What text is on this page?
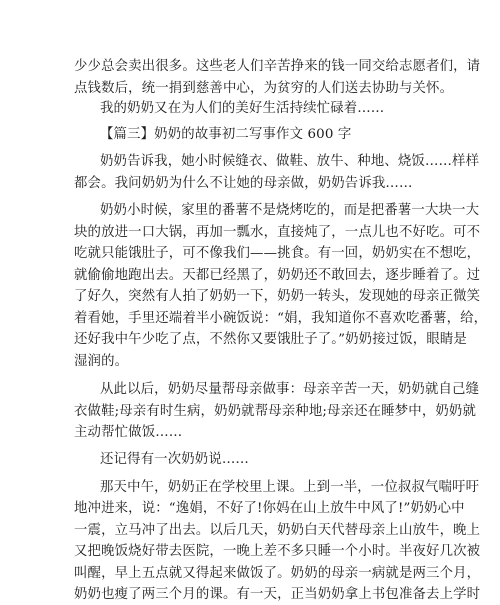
少少总会卖出很多。这些老人们辛苦挣来的钱一同交给志愿者们，请
点钱数后，统一捐到慈善中心，为贫穷的人们送去协助与关怀。
我的奶奶又在为人们的美好生活持续忙碌着……
【篇三】奶奶的故事初二写事作文 600 字
奶奶告诉我，她小时候缝衣、做鞋、放牛、种地、烧饭……样样
都会。我问奶奶为什么不让她的母亲做，奶奶告诉我……
奶奶小时候，家里的番薯不是烧烤吃的，而是把番薯一大块一大
块的放进一口大锅，再加一瓢水，直接炖了，一点儿也不好吃。可不
吃就只能饿肚子，可不像我们——挑食。有一回，奶奶实在不想吃，
就偷偷地跑出去。天都已经黑了，奶奶还不敢回去，逐步睡着了。过
了好久，突然有人拍了奶奶一下，奶奶一转头，发现她的母亲正微笑
着看她，手里还端着半小碗饭说：“娟，我知道你不喜欢吃番薯，给，
还好我中午少吃了点，不然你又要饿肚子了。”奶奶接过饭，眼睛是
湿润的。
从此以后，奶奶尽量帮母亲做事：母亲辛苦一天，奶奶就自己缝
衣做鞋;母亲有时生病，奶奶就帮母亲种地;母亲还在睡梦中，奶奶就
主动帮忙做饭……
还记得有一次奶奶说……
那天中午，奶奶正在学校里上课。上到一半，一位叔叔气喘吁吁
地冲进来，说：“逸娟，不好了!你妈在山上放牛中风了!”奶奶心中
一震，立马冲了出去。以后几天，奶奶白天代替母亲上山放牛，晚上
又把晚饭烧好带去医院，一晚上差不多只睡一个小时。半夜好几次被
叫醒，早上五点就又得起来做饭了。奶奶的母亲一病就是两三个月，
奶奶也瘦了两三个月的课。有一天，正当奶奶拿上书包准备去上学时
